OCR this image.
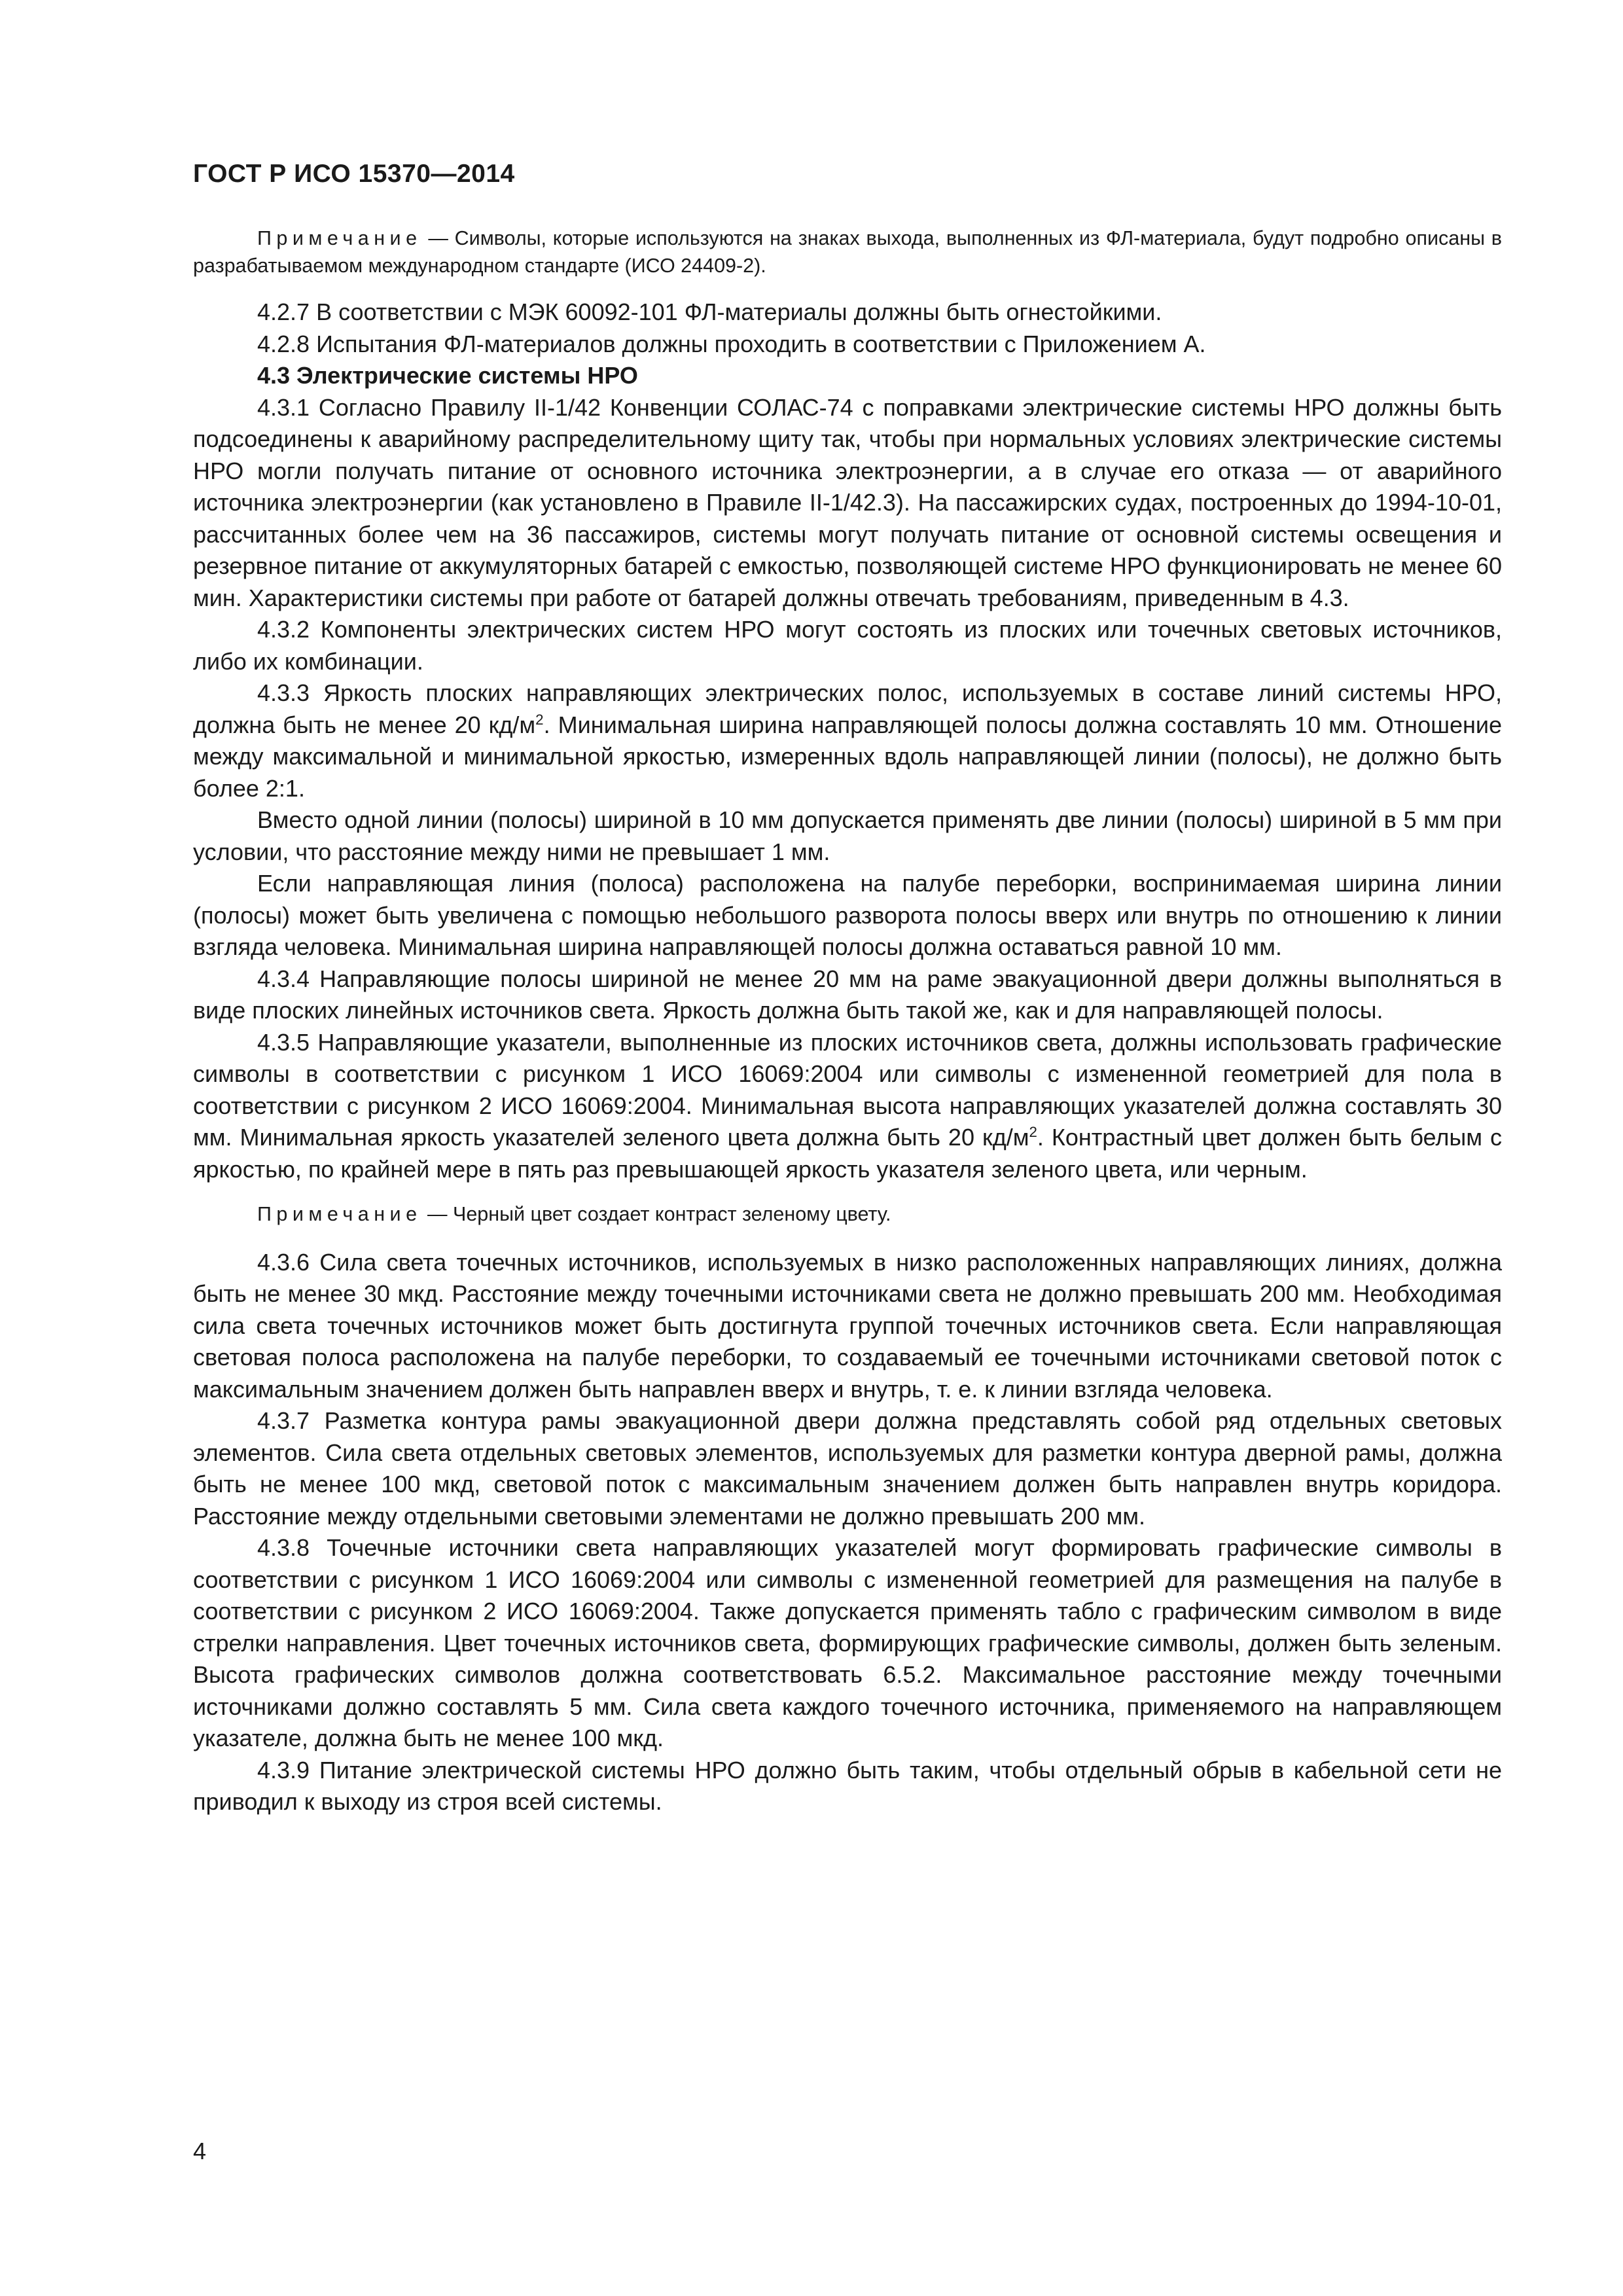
ГОСТ Р ИСО 15370—2014

Примечание — Символы, которые используются на знаках выхода, выполненных из ФЛ-материала, будут подробно описаны в разрабатываемом международном стандарте (ИСО 24409-2).

4.2.7 В соответствии с МЭК 60092-101 ФЛ-материалы должны быть огнестойкими.

4.2.8 Испытания ФЛ-материалов должны проходить в соответствии с Приложением А.

4.3 Электрические системы НРО

4.3.1 Согласно Правилу II-1/42 Конвенции СОЛАС-74 с поправками электрические системы НРО должны быть подсоединены к аварийному распределительному щиту так, чтобы при нормальных условиях электрические системы НРО могли получать питание от основного источника электроэнергии, а в случае его отказа — от аварийного источника электроэнергии (как установлено в Правиле II-1/42.3). На пассажирских судах, построенных до 1994-10-01, рассчитанных более чем на 36 пассажиров, системы могут получать питание от основной системы освещения и резервное питание от аккумуляторных батарей с емкостью, позволяющей системе НРО функционировать не менее 60 мин. Характеристики системы при работе от батарей должны отвечать требованиям, приведенным в 4.3.

4.3.2 Компоненты электрических систем НРО могут состоять из плоских или точечных световых источников, либо их комбинации.

4.3.3 Яркость плоских направляющих электрических полос, используемых в составе линий системы НРО, должна быть не менее 20 $кд/м^2$. Минимальная ширина направляющей полосы должна составлять 10 мм. Отношение между максимальной и минимальной яркостью, измеренных вдоль направляющей линии (полосы), не должно быть более 2:1.

Вместо одной линии (полосы) шириной в 10 мм допускается применять две линии (полосы) шириной в 5 мм при условии, что расстояние между ними не превышает 1 мм.

Если направляющая линия (полоса) расположена на палубе переборки, воспринимаемая ширина линии (полосы) может быть увеличена с помощью небольшого разворота полосы вверх или внутрь по отношению к линии взгляда человека. Минимальная ширина направляющей полосы должна оставаться равной 10 мм.

4.3.4 Направляющие полосы шириной не менее 20 мм на раме эвакуационной двери должны выполняться в виде плоских линейных источников света. Яркость должна быть такой же, как и для направляющей полосы.

4.3.5 Направляющие указатели, выполненные из плоских источников света, должны использовать графические символы в соответствии с рисунком 1 ИСО 16069:2004 или символы с измененной геометрией для пола в соответствии с рисунком 2 ИСО 16069:2004. Минимальная высота направляющих указателей должна составлять 30 мм. Минимальная яркость указателей зеленого цвета должна быть 20 $кд/м^2$. Контрастный цвет должен быть белым с яркостью, по крайней мере в пять раз превышающей яркость указателя зеленого цвета, или черным.

Примечание — Черный цвет создает контраст зеленому цвету.

4.3.6 Сила света точечных источников, используемых в низко расположенных направляющих линиях, должна быть не менее 30 мкд. Расстояние между точечными источниками света не должно превышать 200 мм. Необходимая сила света точечных источников может быть достигнута группой точечных источников света. Если направляющая световая полоса расположена на палубе переборки, то создаваемый ее точечными источниками световой поток с максимальным значением должен быть направлен вверх и внутрь, т. е. к линии взгляда человека.

4.3.7 Разметка контура рамы эвакуационной двери должна представлять собой ряд отдельных световых элементов. Сила света отдельных световых элементов, используемых для разметки контура дверной рамы, должна быть не менее 100 мкд, световой поток с максимальным значением должен быть направлен внутрь коридора. Расстояние между отдельными световыми элементами не должно превышать 200 мм.

4.3.8 Точечные источники света направляющих указателей могут формировать графические символы в соответствии с рисунком 1 ИСО 16069:2004 или символы с измененной геометрией для размещения на палубе в соответствии с рисунком 2 ИСО 16069:2004. Также допускается применять табло с графическим символом в виде стрелки направления. Цвет точечных источников света, формирующих графические символы, должен быть зеленым. Высота графических символов должна соответствовать 6.5.2. Максимальное расстояние между точечными источниками должно составлять 5 мм. Сила света каждого точечного источника, применяемого на направляющем указателе, должна быть не менее 100 мкд.

4.3.9 Питание электрической системы НРО должно быть таким, чтобы отдельный обрыв в кабельной сети не приводил к выходу из строя всей системы.

4
